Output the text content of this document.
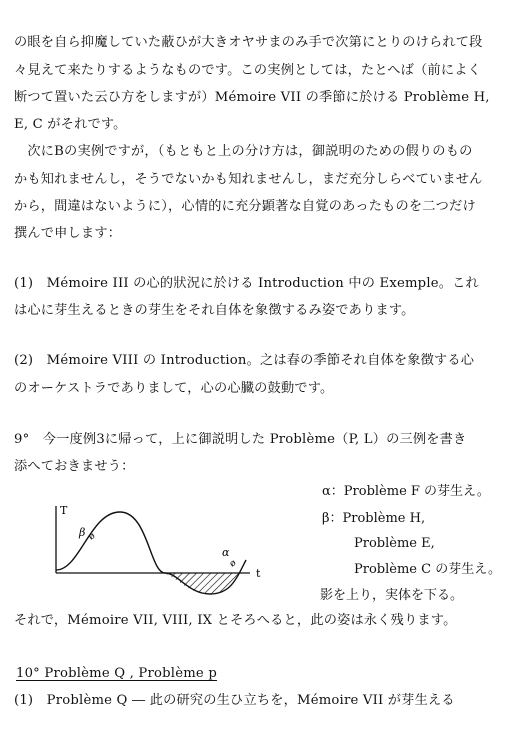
の眼を自ら抑魔していた蔽ひが大きオヤサまのみ手で次第にとりのけられて段
々見えて来たりするようなものです。この実例としては，たとへば（前によく
断つて置いた云ひ方をしますが）Mémoire VII の季節に於ける Problème H,
E, C がそれです。
　次にBの実例ですが，（もともと上の分け方は，御説明のための假りのもの
かも知れませんし，そうでないかも知れませんし，まだ充分しらべていません
から，間違はないように），心情的に充分顕著な自覚のあったものを二つだけ
撰んで申します：
(1)　Mémoire III の心的狀況に於ける Introduction 中の Exemple。これ
は心に芽生えるときの芽生をそれ自体を象徴するみ姿であります。
(2)　Mémoire VIII の Introduction。之は春の季節それ自体を象徴する心
のオーケストラでありまして，心の心臓の鼓動です。
9°　今一度例3に帰って，上に御説明した Problème（P, L）の三例を書き
添へておきませう：
ø
ø
T
t
β
α
α：Problème F の芽生え。
β：Problème H,
Problème E,
Problème C の芽生え。
影を上り，実体を下る。
それで，Mémoire VII, VIII, IX とそろへると，此の姿は永く残ります。
10° Problème Q , Problème p
(1)　Problème Q ― 此の研究の生ひ立ちを，Mémoire VII が芽生える
